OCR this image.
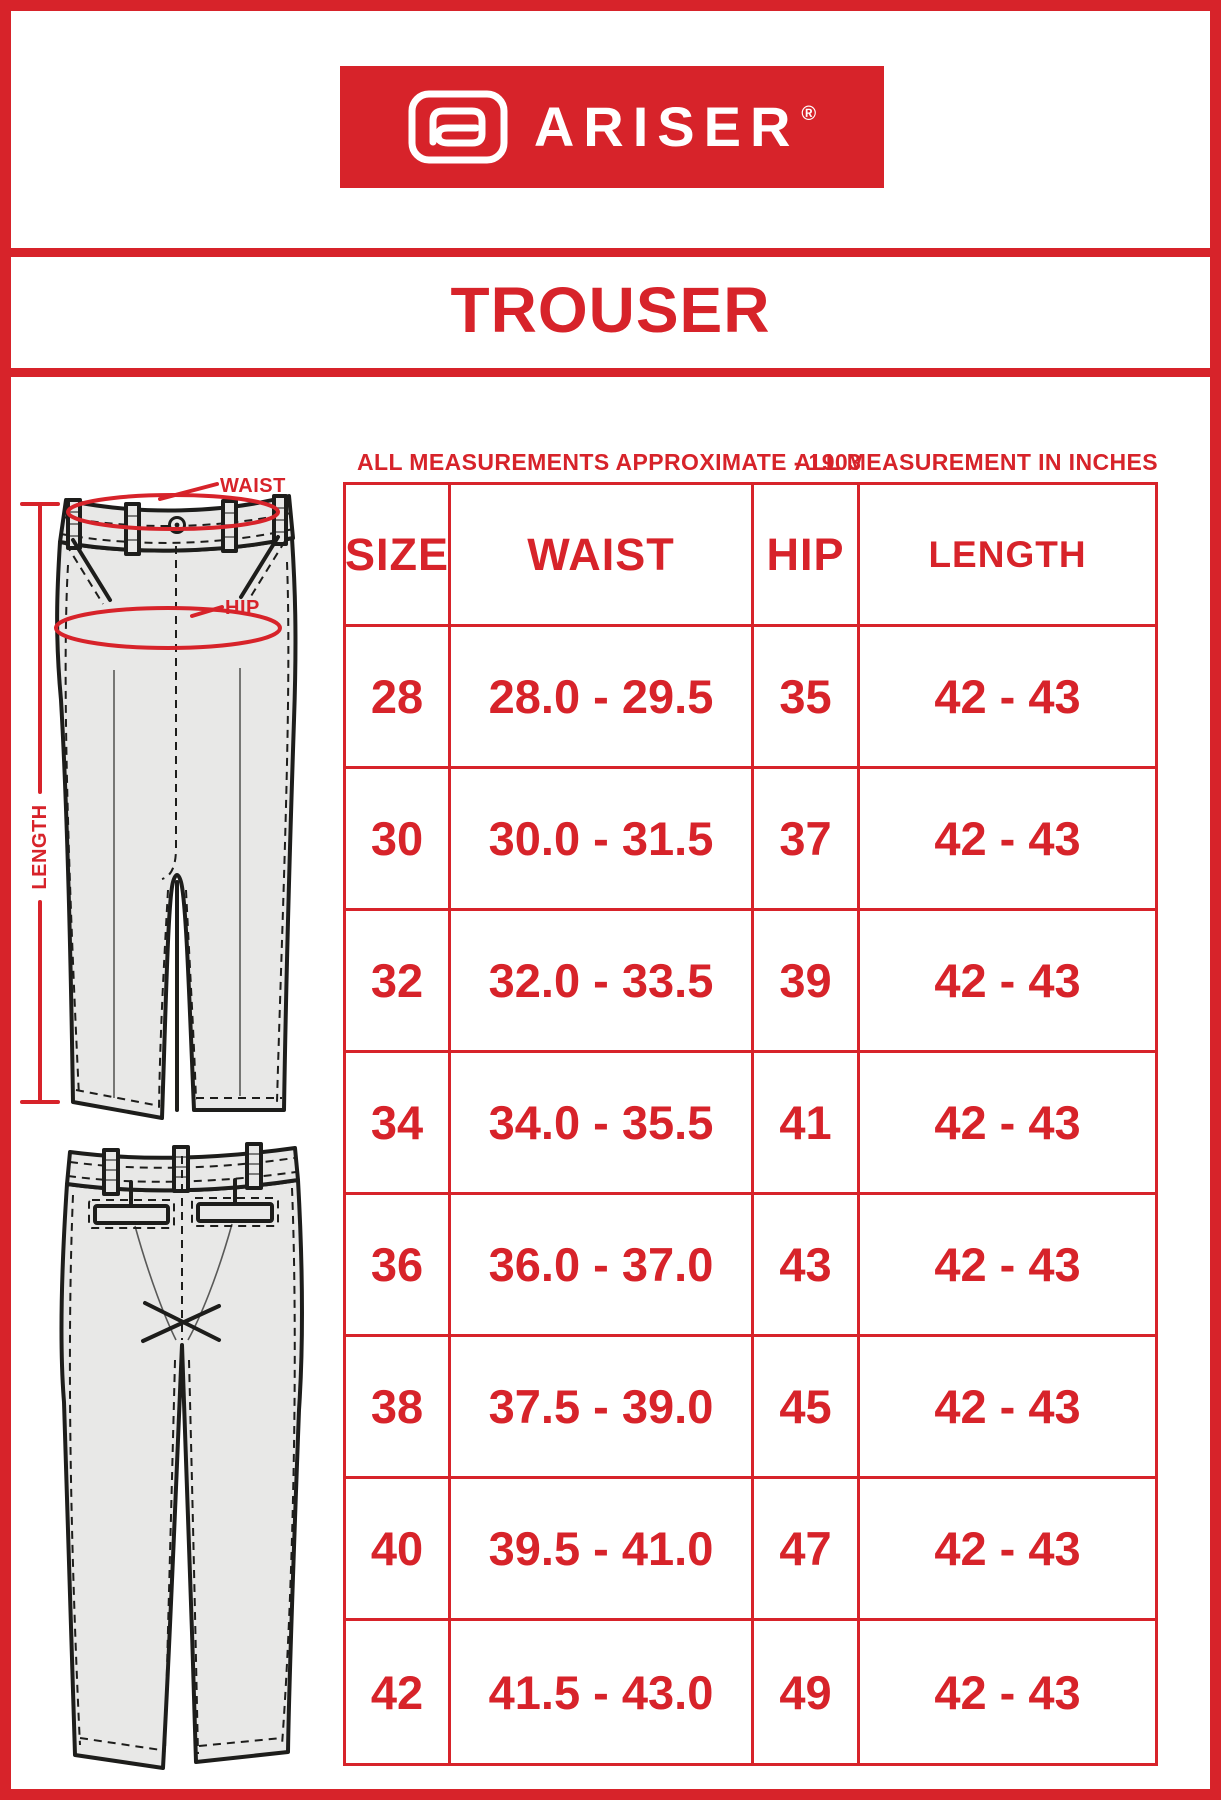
ARISER ®
TROUSER
ALL MEASUREMENTS APPROXIMATE - 1903
ALL MEASUREMENT IN INCHES
SIZE	WAIST	HIP	LENGTH
28	28.0 - 29.5	35	42 - 43
30	30.0 - 31.5	37	42 - 43
32	32.0 - 33.5	39	42 - 43
34	34.0 - 35.5	41	42 - 43
36	36.0 - 37.0	43	42 - 43
38	37.5 - 39.0	45	42 - 43
40	39.5 - 41.0	47	42 - 43
42	41.5 - 43.0	49	42 - 43
WAIST
HIP
LENGTH
